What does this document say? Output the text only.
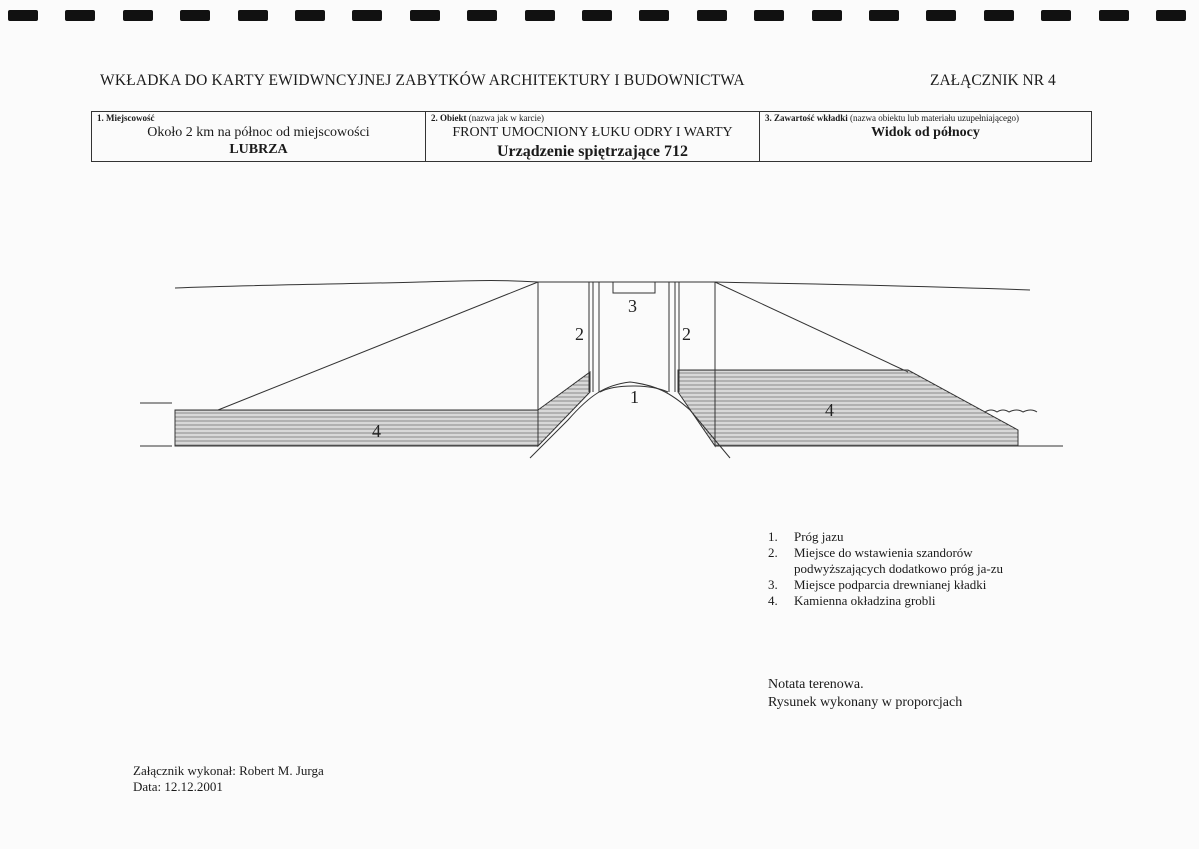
WKŁADKA DO KARTY EWIDWNCYJNEJ ZABYTKÓW ARCHITEKTURY I BUDOWNICTWA	ZAŁĄCZNIK NR 4
1. Miejscowość
Około 2 km na północ od miejscowości
LUBRZA
2. Obiekt (nazwa jak w karcie)
FRONT UMOCNIONY ŁUKU ODRY I WARTY
Urządzenie spiętrzające 712
3. Zawartość wkładki (nazwa obiektu lub materiału uzupełniającego)
Widok od północy
3
2	2
1
4
4
1.	Próg jazu
2.	Miejsce do wstawienia szandorów podwyższających dodatkowo próg ja-zu
3.	Miejsce podparcia drewnianej kładki
4.	Kamienna okładzina grobli
Notata terenowa.
Rysunek wykonany w proporcjach
Załącznik wykonał: Robert M. Jurga
Data: 12.12.2001
